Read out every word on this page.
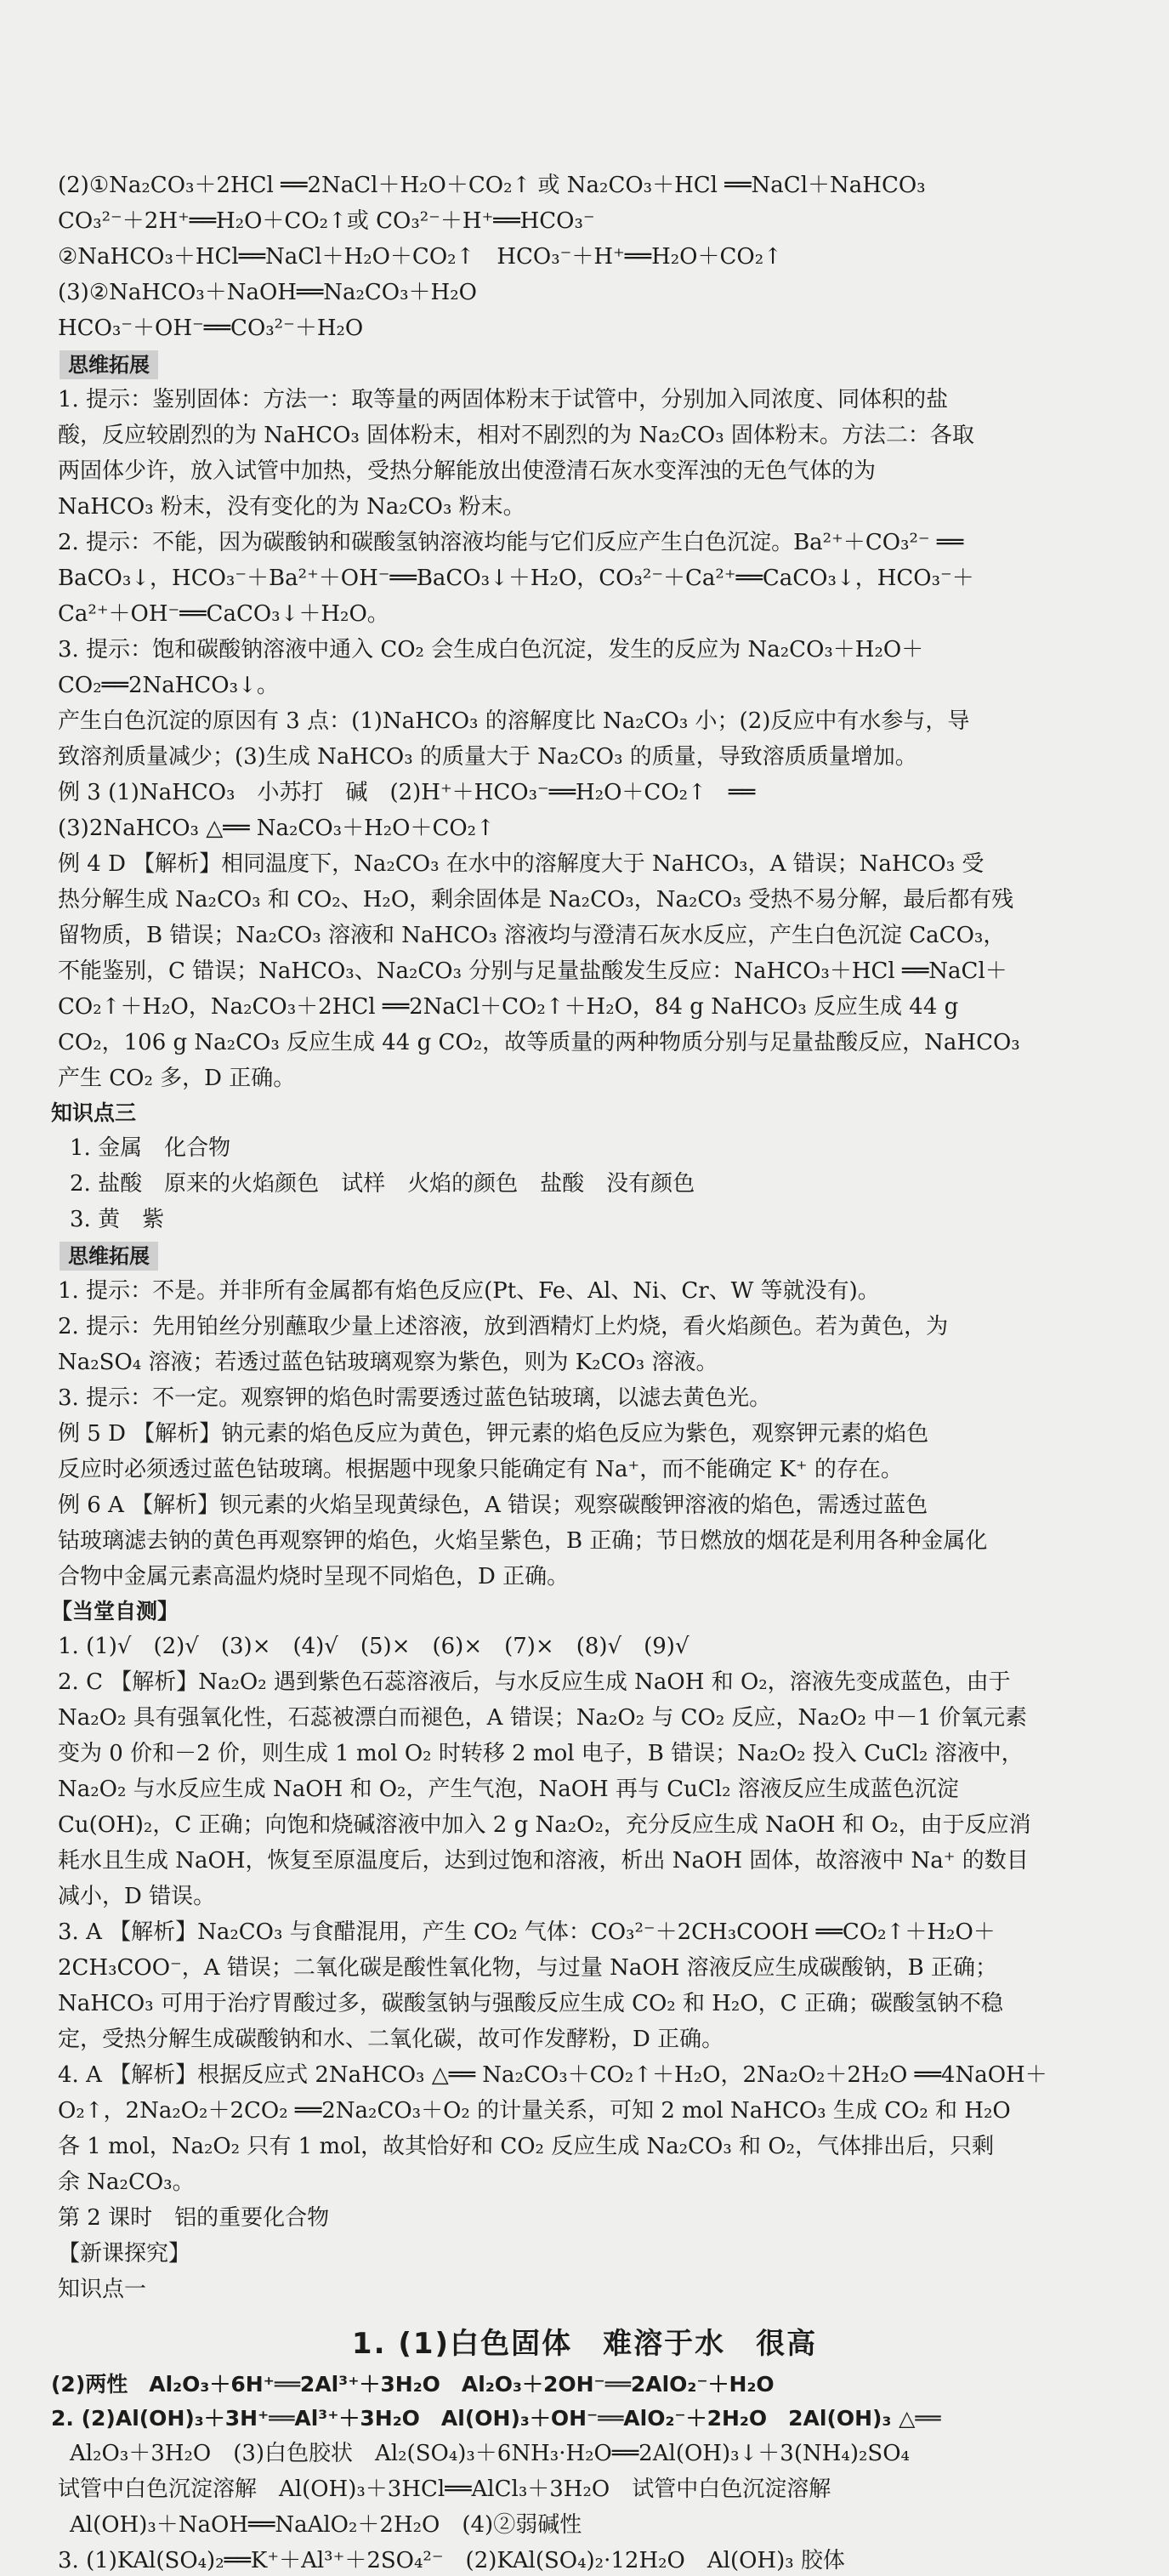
(2)①Na₂CO₃＋2HCl ══2NaCl＋H₂O＋CO₂↑ 或 Na₂CO₃＋HCl ══NaCl＋NaHCO₃
CO₃²⁻＋2H⁺══H₂O＋CO₂↑或 CO₃²⁻＋H⁺══HCO₃⁻
②NaHCO₃＋HCl══NaCl＋H₂O＋CO₂↑　HCO₃⁻＋H⁺══H₂O＋CO₂↑
(3)②NaHCO₃＋NaOH══Na₂CO₃＋H₂O
HCO₃⁻＋OH⁻══CO₃²⁻＋H₂O
思维拓展
1. 提示：鉴别固体：方法一：取等量的两固体粉末于试管中，分别加入同浓度、同体积的盐
酸，反应较剧烈的为 NaHCO₃ 固体粉末，相对不剧烈的为 Na₂CO₃ 固体粉末。方法二：各取
两固体少许，放入试管中加热，受热分解能放出使澄清石灰水变浑浊的无色气体的为
NaHCO₃ 粉末，没有变化的为 Na₂CO₃ 粉末。
2. 提示：不能，因为碳酸钠和碳酸氢钠溶液均能与它们反应产生白色沉淀。Ba²⁺＋CO₃²⁻ ══
BaCO₃↓，HCO₃⁻＋Ba²⁺＋OH⁻══BaCO₃↓＋H₂O，CO₃²⁻＋Ca²⁺══CaCO₃↓，HCO₃⁻＋
Ca²⁺＋OH⁻══CaCO₃↓＋H₂O。
3. 提示：饱和碳酸钠溶液中通入 CO₂ 会生成白色沉淀，发生的反应为 Na₂CO₃＋H₂O＋
CO₂══2NaHCO₃↓。
产生白色沉淀的原因有 3 点：(1)NaHCO₃ 的溶解度比 Na₂CO₃ 小；(2)反应中有水参与，导
致溶剂质量减少；(3)生成 NaHCO₃ 的质量大于 Na₂CO₃ 的质量，导致溶质质量增加。
例 3 (1)NaHCO₃　小苏打　碱　(2)H⁺＋HCO₃⁻══H₂O＋CO₂↑　══
(3)2NaHCO₃ △══ Na₂CO₃＋H₂O＋CO₂↑
例 4 D 【解析】相同温度下，Na₂CO₃ 在水中的溶解度大于 NaHCO₃，A 错误；NaHCO₃ 受
热分解生成 Na₂CO₃ 和 CO₂、H₂O，剩余固体是 Na₂CO₃，Na₂CO₃ 受热不易分解，最后都有残
留物质，B 错误；Na₂CO₃ 溶液和 NaHCO₃ 溶液均与澄清石灰水反应，产生白色沉淀 CaCO₃，
不能鉴别，C 错误；NaHCO₃、Na₂CO₃ 分别与足量盐酸发生反应：NaHCO₃＋HCl ══NaCl＋
CO₂↑＋H₂O，Na₂CO₃＋2HCl ══2NaCl＋CO₂↑＋H₂O，84 g NaHCO₃ 反应生成 44 g
CO₂，106 g Na₂CO₃ 反应生成 44 g CO₂，故等质量的两种物质分别与足量盐酸反应，NaHCO₃
产生 CO₂ 多，D 正确。
知识点三
1. 金属　化合物
2. 盐酸　原来的火焰颜色　试样　火焰的颜色　盐酸　没有颜色
3. 黄　紫
思维拓展
1. 提示：不是。并非所有金属都有焰色反应(Pt、Fe、Al、Ni、Cr、W 等就没有)。
2. 提示：先用铂丝分别蘸取少量上述溶液，放到酒精灯上灼烧，看火焰颜色。若为黄色，为
Na₂SO₄ 溶液；若透过蓝色钴玻璃观察为紫色，则为 K₂CO₃ 溶液。
3. 提示：不一定。观察钾的焰色时需要透过蓝色钴玻璃，以滤去黄色光。
例 5 D 【解析】钠元素的焰色反应为黄色，钾元素的焰色反应为紫色，观察钾元素的焰色
反应时必须透过蓝色钴玻璃。根据题中现象只能确定有 Na⁺，而不能确定 K⁺ 的存在。
例 6 A 【解析】钡元素的火焰呈现黄绿色，A 错误；观察碳酸钾溶液的焰色，需透过蓝色
钴玻璃滤去钠的黄色再观察钾的焰色，火焰呈紫色，B 正确；节日燃放的烟花是利用各种金属化
合物中金属元素高温灼烧时呈现不同焰色，D 正确。
【当堂自测】
1. (1)√　(2)√　(3)×　(4)√　(5)×　(6)×　(7)×　(8)√　(9)√
2. C 【解析】Na₂O₂ 遇到紫色石蕊溶液后，与水反应生成 NaOH 和 O₂，溶液先变成蓝色，由于
Na₂O₂ 具有强氧化性，石蕊被漂白而褪色，A 错误；Na₂O₂ 与 CO₂ 反应，Na₂O₂ 中－1 价氧元素
变为 0 价和－2 价，则生成 1 mol O₂ 时转移 2 mol 电子，B 错误；Na₂O₂ 投入 CuCl₂ 溶液中，
Na₂O₂ 与水反应生成 NaOH 和 O₂，产生气泡，NaOH 再与 CuCl₂ 溶液反应生成蓝色沉淀
Cu(OH)₂，C 正确；向饱和烧碱溶液中加入 2 g Na₂O₂，充分反应生成 NaOH 和 O₂，由于反应消
耗水且生成 NaOH，恢复至原温度后，达到过饱和溶液，析出 NaOH 固体，故溶液中 Na⁺ 的数目
减小，D 错误。
3. A 【解析】Na₂CO₃ 与食醋混用，产生 CO₂ 气体：CO₃²⁻＋2CH₃COOH ══CO₂↑＋H₂O＋
2CH₃COO⁻，A 错误；二氧化碳是酸性氧化物，与过量 NaOH 溶液反应生成碳酸钠，B 正确；
NaHCO₃ 可用于治疗胃酸过多，碳酸氢钠与强酸反应生成 CO₂ 和 H₂O，C 正确；碳酸氢钠不稳
定，受热分解生成碳酸钠和水、二氧化碳，故可作发酵粉，D 正确。
4. A 【解析】根据反应式 2NaHCO₃ △══ Na₂CO₃＋CO₂↑＋H₂O，2Na₂O₂＋2H₂O ══4NaOH＋
O₂↑，2Na₂O₂＋2CO₂ ══2Na₂CO₃＋O₂ 的计量关系，可知 2 mol NaHCO₃ 生成 CO₂ 和 H₂O
各 1 mol，Na₂O₂ 只有 1 mol，故其恰好和 CO₂ 反应生成 Na₂CO₃ 和 O₂，气体排出后，只剩
余 Na₂CO₃。
第 2 课时　铝的重要化合物
【新课探究】
知识点一
1. (1)白色固体　难溶于水　很高
(2)两性　Al₂O₃＋6H⁺══2Al³⁺＋3H₂O　Al₂O₃＋2OH⁻══2AlO₂⁻＋H₂O
2. (2)Al(OH)₃＋3H⁺══Al³⁺＋3H₂O　Al(OH)₃＋OH⁻══AlO₂⁻＋2H₂O　2Al(OH)₃ △══
Al₂O₃＋3H₂O　(3)白色胶状　Al₂(SO₄)₃＋6NH₃·H₂O══2Al(OH)₃↓＋3(NH₄)₂SO₄
试管中白色沉淀溶解　Al(OH)₃＋3HCl══AlCl₃＋3H₂O　试管中白色沉淀溶解
Al(OH)₃＋NaOH══NaAlO₂＋2H₂O　(4)②弱碱性
3. (1)KAl(SO₄)₂══K⁺＋Al³⁺＋2SO₄²⁻　(2)KAl(SO₄)₂·12H₂O　Al(OH)₃ 胶体
